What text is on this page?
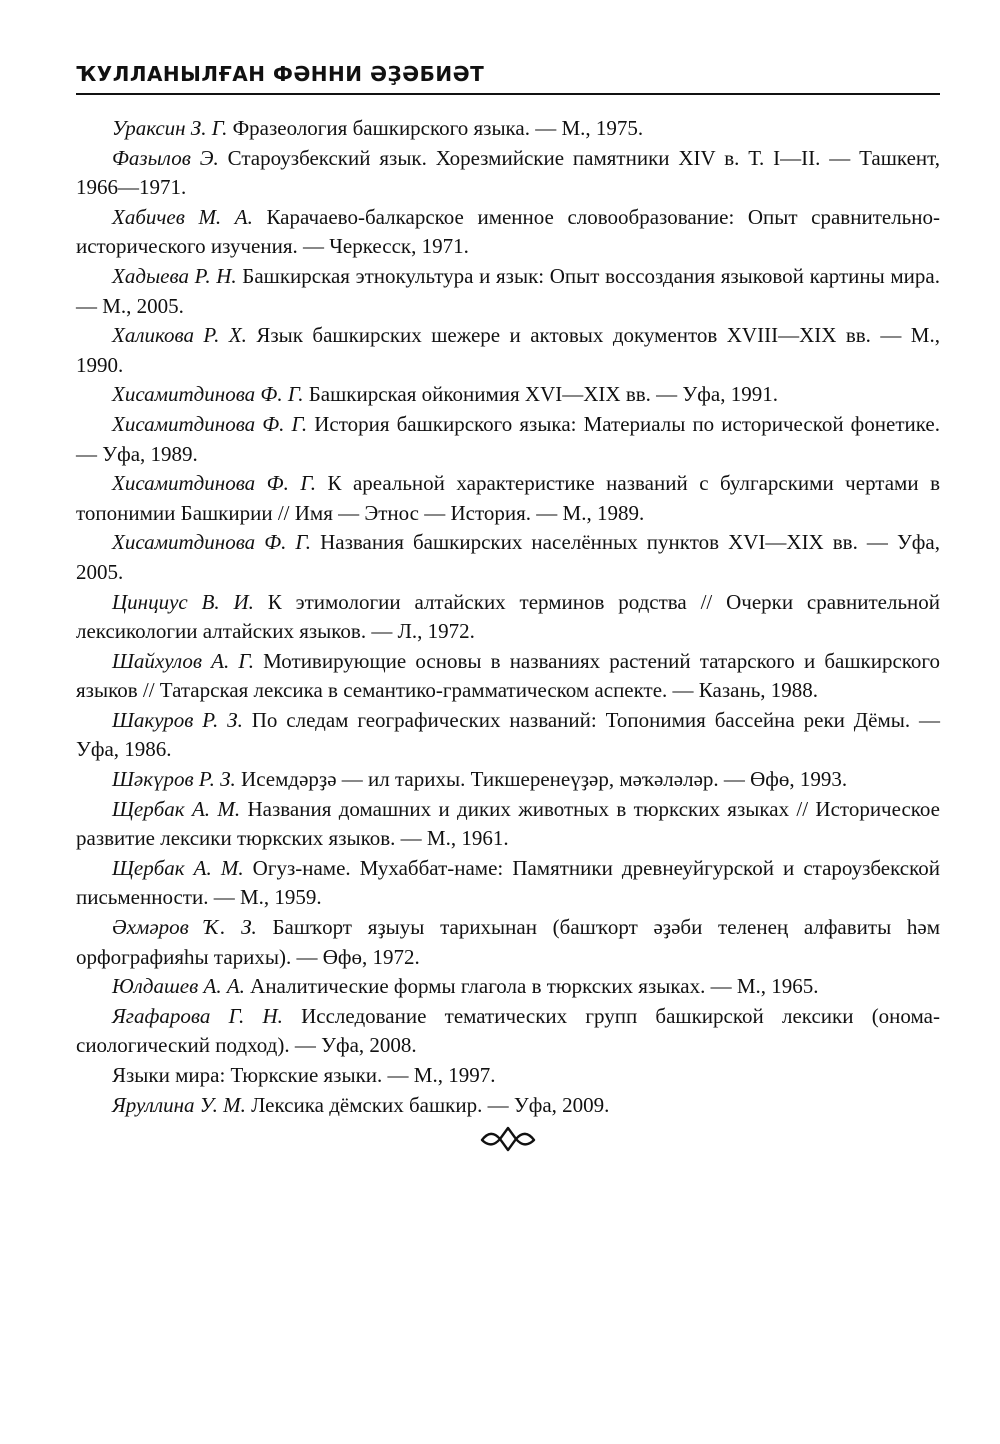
ҠУЛЛАНЫЛҒАН ФӘННИ ӘҘӘБИӘТ

Ураксин З. Г. Фразеология башкирского языка. — М., 1975.

Фазылов Э. Староузбекский язык. Хорезмийские памятники XIV в. Т. I—II. — Ташкент, 1966—1971.

Хабичев М. А. Карачаево-балкарское именное словообразование: Опыт сравнительно-исторического изучения. — Черкесск, 1971.

Хадыева Р. Н. Башкирская этнокультура и язык: Опыт воссоздания языковой картины мира. — М., 2005.

Халикова Р. Х. Язык башкирских шежере и актовых документов XVIII—XIX вв. — М., 1990.

Хисамитдинова Ф. Г. Башкирская ойконимия XVI—XIX вв. — Уфа, 1991.

Хисамитдинова Ф. Г. История башкирского языка: Материалы по исторической фонетике. — Уфа, 1989.

Хисамитдинова Ф. Г. К ареальной характеристике названий с булгарскими чертами в топонимии Башкирии // Имя — Этнос — История. — М., 1989.

Хисамитдинова Ф. Г. Названия башкирских населённых пунктов XVI—XIX вв. — Уфа, 2005.

Цинциус В. И. К этимологии алтайских терминов родства // Очерки сравнительной лексикологии алтайских языков. — Л., 1972.

Шайхулов А. Г. Мотивирующие основы в названиях растений татарского и башкирского языков // Татарская лексика в семантико-грамматическом аспекте. — Казань, 1988.

Шакуров Р. З. По следам географических названий: Топонимия бассейна реки Дёмы. — Уфа, 1986.

Шәкүров Р. З. Исемдәрҙә — ил тарихы. Тикшеренеүҙәр, мәҡәләләр. — Өфө, 1993.

Щербак А. М. Названия домашних и диких животных в тюркских языках // Историческое развитие лексики тюркских языков. — М., 1961.

Щербак А. М. Огуз-наме. Мухаббат-наме: Памятники древнеуйгурской и староузбекской письменности. — М., 1959.

Әхмәров Ҡ. З. Башҡорт яҙыуы тарихынан (башҡорт әҙәби теленең алфавиты һәм орфографияһы тарихы). — Өфө, 1972.

Юлдашев А. А. Аналитические формы глагола в тюркских языках. — М., 1965.

Ягафарова Г. Н. Исследование тематических групп башкирской лексики (ономасиологический подход). — Уфа, 2008.

Языки мира: Тюркские языки. — М., 1997.

Яруллина У. М. Лексика дёмских башкир. — Уфа, 2009.
